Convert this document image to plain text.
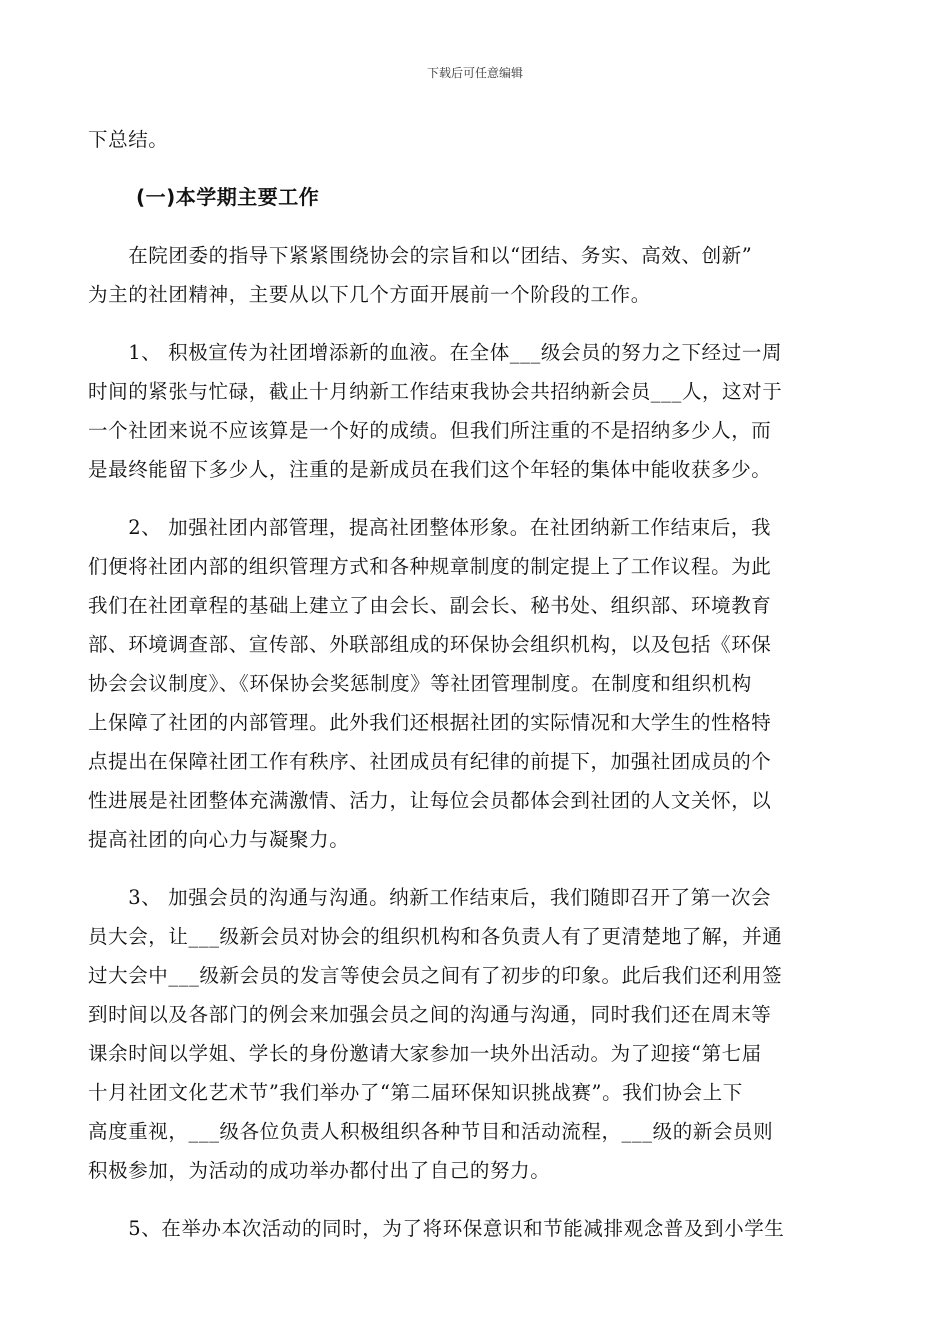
下载后可任意编辑
下总结。
(一)本学期主要工作
　　在院团委的指导下紧紧围绕协会的宗旨和以“团结、务实、高效、创新”
为主的社团精神，主要从以下几个方面开展前一个阶段的工作。
　　1、 积极宣传为社团增添新的血液。在全体___级会员的努力之下经过一周
时间的紧张与忙碌，截止十月纳新工作结束我协会共招纳新会员___人，这对于
一个社团来说不应该算是一个好的成绩。但我们所注重的不是招纳多少人，而
是最终能留下多少人，注重的是新成员在我们这个年轻的集体中能收获多少。
　　2、 加强社团内部管理，提高社团整体形象。在社团纳新工作结束后，我
们便将社团内部的组织管理方式和各种规章制度的制定提上了工作议程。为此
我们在社团章程的基础上建立了由会长、副会长、秘书处、组织部、环境教育
部、环境调查部、宣传部、外联部组成的环保协会组织机构，以及包括《环保
协会会议制度》、《环保协会奖惩制度》等社团管理制度。在制度和组织机构
上保障了社团的内部管理。此外我们还根据社团的实际情况和大学生的性格特
点提出在保障社团工作有秩序、社团成员有纪律的前提下，加强社团成员的个
性进展是社团整体充满激情、活力，让每位会员都体会到社团的人文关怀，以
提高社团的向心力与凝聚力。
　　3、 加强会员的沟通与沟通。纳新工作结束后，我们随即召开了第一次会
员大会，让___级新会员对协会的组织机构和各负责人有了更清楚地了解，并通
过大会中___级新会员的发言等使会员之间有了初步的印象。此后我们还利用签
到时间以及各部门的例会来加强会员之间的沟通与沟通，同时我们还在周末等
课余时间以学姐、学长的身份邀请大家参加一块外出活动。为了迎接“第七届
十月社团文化艺术节”我们举办了“第二届环保知识挑战赛”。我们协会上下
高度重视，___级各位负责人积极组织各种节目和活动流程，___级的新会员则
积极参加，为活动的成功举办都付出了自己的努力。
　　5、在举办本次活动的同时，为了将环保意识和节能减排观念普及到小学生
